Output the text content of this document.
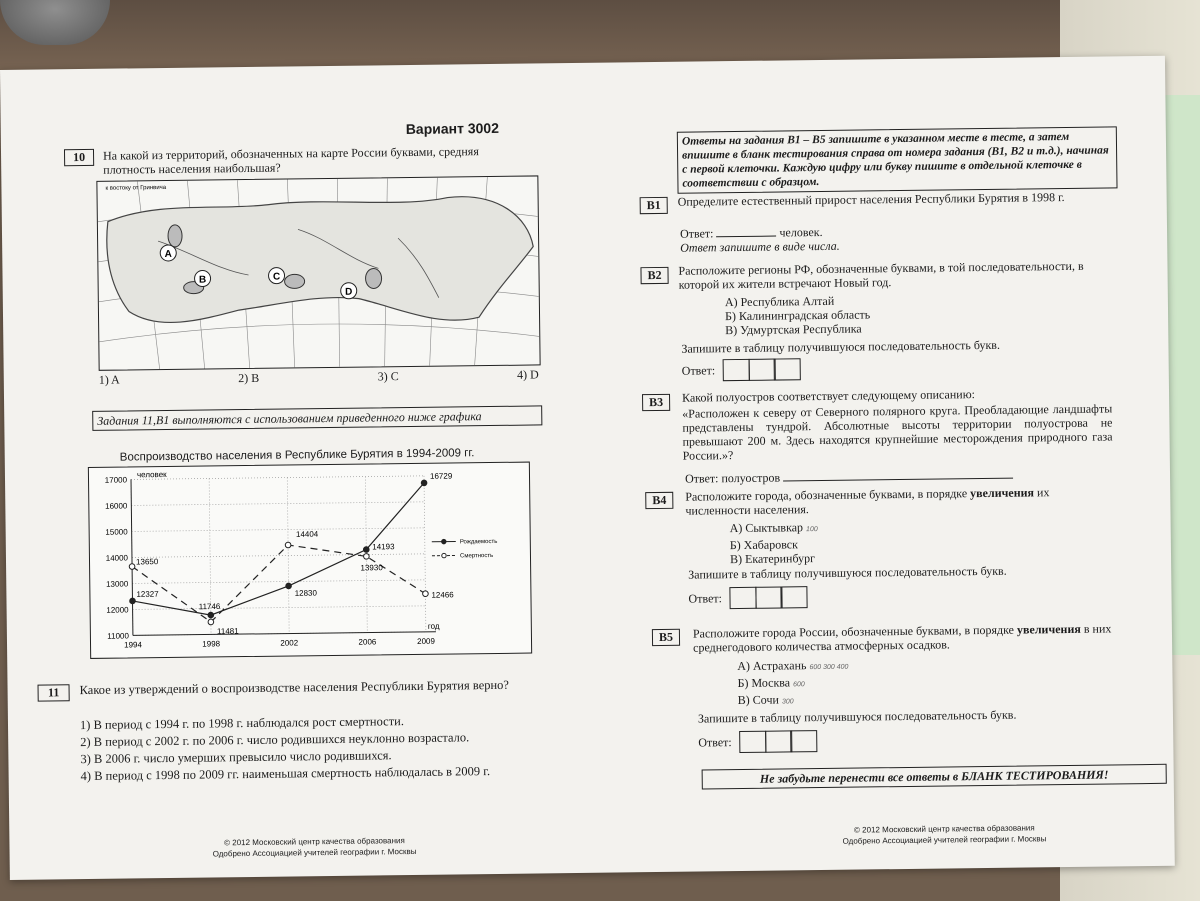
Вариант 3002
10	На какой из территорий, обозначенных на карте России буквами, средняя плотность населения наибольшая?
A
B	C
D
к востоку от Гринвича
1) A	2) B	3) C	4) D
Задания 11,B1 выполняются с использованием приведенного ниже графика
Воспроизводство населения в Республике Бурятия в 1994-2009 гг.
11000
12000
13000
14000
15000
16000
17000
1994	1998	2002	2006	2009
человек
год
12327
11746
12830
14193
16729
13650
11481
14404
13930
12466
Рождаемость
Смертность
11	Какое из утверждений о воспроизводстве населения Республики Бурятия верно?
1) В период с 1994 г. по 1998 г. наблюдался рост смертности.
2) В период с 2002 г. по 2006 г. число родившихся неуклонно возрастало.
3) В 2006 г. число умерших превысило число родившихся.
4) В период с 1998 по 2009 гг. наименьшая смертность наблюдалась в 2009 г.
© 2012 Московский центр качества образования
Одобрено Ассоциацией учителей географии г. Москвы
Ответы на задания B1 – B5 запишите в указанном месте в тесте, а затем впишите в бланк тестирования справа от номера задания (B1, B2 и т.д.), начиная с первой клеточки. Каждую цифру или букву пишите в отдельной клеточке в соответствии с образцом.
B1	Определите естественный прирост населения Республики Бурятия в 1998 г.
Ответ:	человек.
Ответ запишите в виде числа.
B2	Расположите регионы РФ, обозначенные буквами, в той последовательности, в которой их жители встречают Новый год.
А) Республика Алтай
Б) Калининградская область
В) Удмуртская Республика
Запишите в таблицу получившуюся последовательность букв.
Ответ:
B3	Какой полуостров соответствует следующему описанию:
«Расположен к северу от Северного полярного круга. Преобладающие ландшафты представлены тундрой. Абсолютные высоты территории полуострова не превышают 200 м. Здесь находятся крупнейшие месторождения природного газа России.»?
Ответ: полуостров
B4	Расположите города, обозначенные буквами, в порядке увеличения их численности населения.
А) Сыктывкар 100
Б) Хабаровск
В) Екатеринбург
Запишите в таблицу получившуюся последовательность букв.
Ответ:
B5	Расположите городa России, обозначенные буквами, в порядке увеличения в них среднегодового количества атмосферных осадков.
А) Астрахань 600 300 400
Б) Москва 600
В) Сочи 300
Запишите в таблицу получившуюся последовательность букв.
Ответ:
Не забудьте перенести все ответы в БЛАНК ТЕСТИРОВАНИЯ!
© 2012 Московский центр качества образования
Одобрено Ассоциацией учителей географии г. Москвы
